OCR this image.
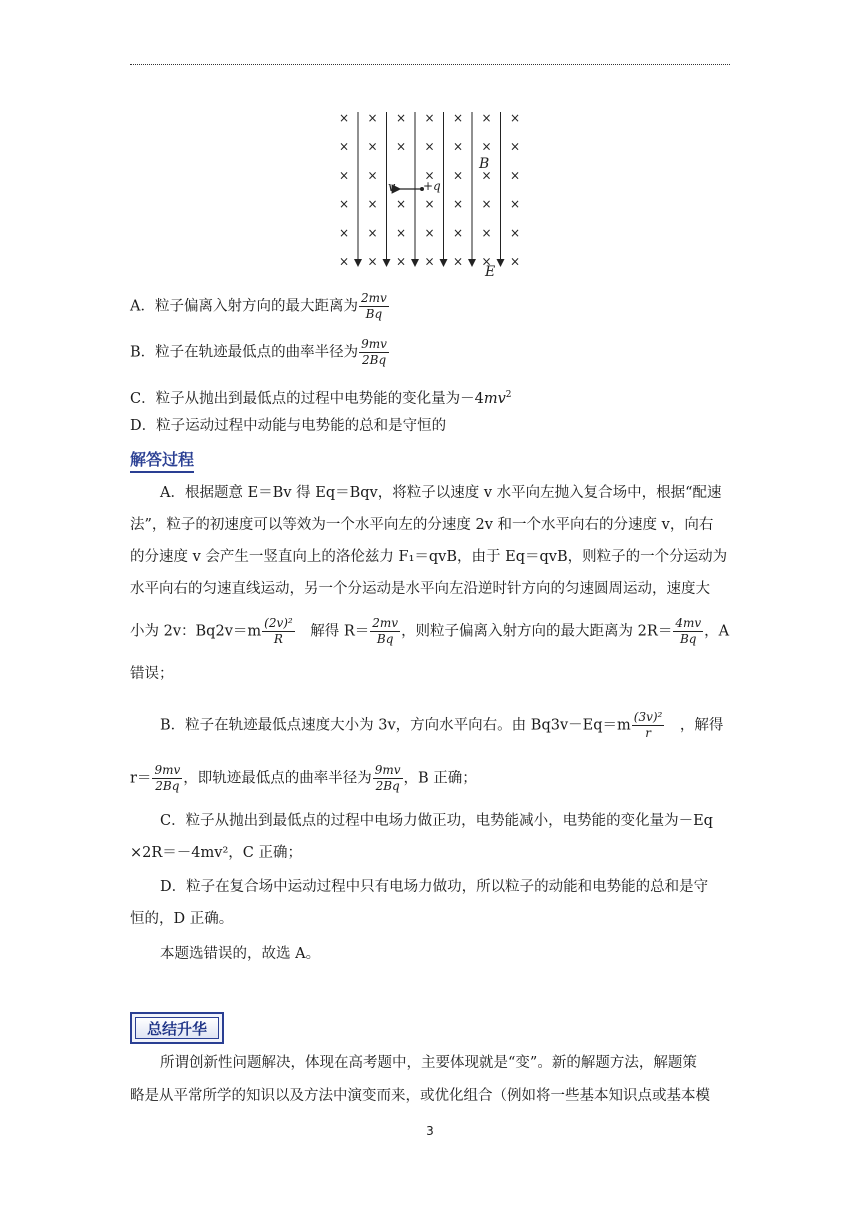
× × × × × × ×
× × × × × × ×
× ×	× × × ×
× × × × × × ×
× × × × × × ×
× × × × × × ×
v +q
B
E
A．粒子偏离入射方向的最大距离为 $\frac{2mv}{Bq}$
B．粒子在轨迹最低点的曲率半径为 $\frac{9mv}{2Bq}$
C．粒子从抛出到最低点的过程中电势能的变化量为$-4mv^2$
D．粒子运动过程中动能与电势能的总和是守恒的
解答过程
A．根据题意 E＝Bv 得 Eq＝Bqv，将粒子以速度 v 水平向左抛入复合场中，根据“配速
法”，粒子的初速度可以等效为一个水平向左的分速度 2v 和一个水平向右的分速度 v，向右
的分速度 v 会产生一竖直向上的洛伦兹力 F₁＝qvB，由于 Eq＝qvB，则粒子的一个分运动为
水平向右的匀速直线运动，另一个分运动是水平向左沿逆时针方向的匀速圆周运动，速度大
小为 2v：$Bq2v=m \frac{\text{(2v)²}}{R}$ 　解得 $R= \frac{2mv}{Bq}$ ，则粒子偏离入射方向的最大距离为 $2R= \frac{4mv}{Bq}$ ，A
错误；
B．粒子在轨迹最低点速度大小为 3v，方向水平向右。由 $Bq3v-Eq=m \frac{\text{(3v)²}}{r}$
　 ，解得
$r= \frac{9mv}{2Bq}$ ，即轨迹最低点的曲率半径为 $\frac{9mv}{2Bq}$ ，B 正确；
C．粒子从抛出到最低点的过程中电场力做正功，电势能减小，电势能的变化量为－Eq
×2R＝－4mv²，C 正确；
D．粒子在复合场中运动过程中只有电场力做功，所以粒子的动能和电势能的总和是守
恒的，D 正确。
本题选错误的，故选 A。
总结升华
所谓创新性问题解决，体现在高考题中，主要体现就是“变”。新的解题方法，解题策
略是从平常所学的知识以及方法中演变而来，或优化组合（例如将一些基本知识点或基本模
3
